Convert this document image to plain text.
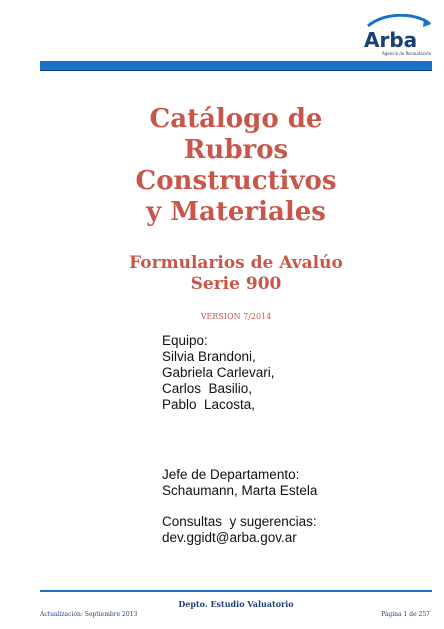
Arba
Agencia de Recaudación
Catálogo de
Rubros
Constructivos
y Materiales
Formularios de Avalúo
Serie 900
VERSION 7/2014
Equipo:
Silvia Brandoni,
Gabriela Carlevari,
Carlos  Basilio,
Pablo  Lacosta,
Jefe de Departamento:
Schaumann, Marta Estela
Consultas  y sugerencias:
dev.ggidt@arba.gov.ar
Depto. Estudio Valuatorio
Actualización: Septiembre 2013	Página 1 de 257
